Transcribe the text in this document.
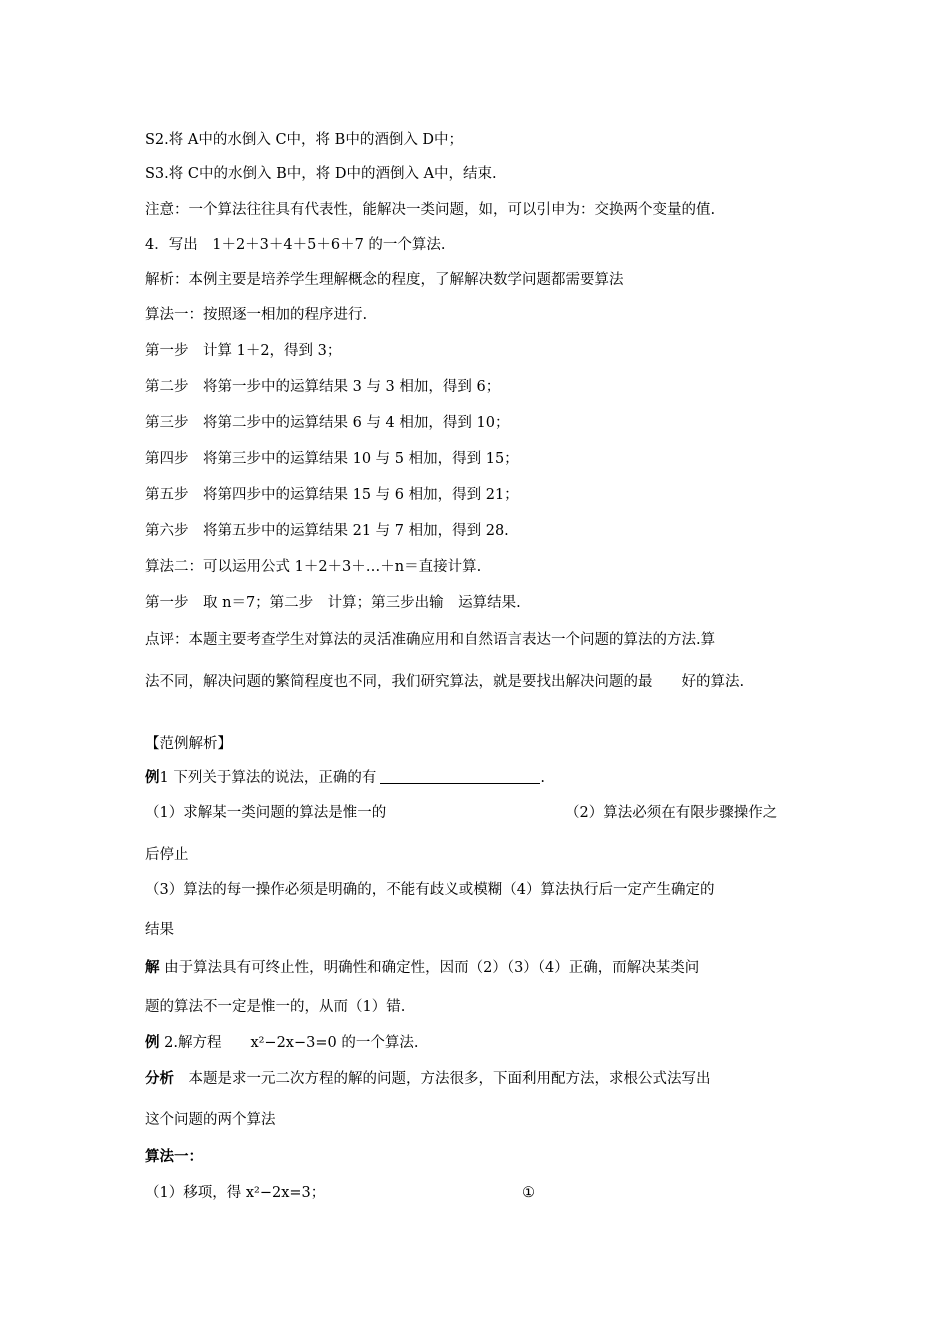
S2.将 A中的水倒入 C中，将 B中的酒倒入 D中；
S3.将 C中的水倒入 B中，将 D中的酒倒入 A中，结束.
注意：一个算法往往具有代表性，能解决一类问题，如，可以引申为：交换两个变量的值.
4．写出　1＋2＋3＋4＋5＋6＋7 的一个算法.
解析：本例主要是培养学生理解概念的程度，了解解决数学问题都需要算法
算法一：按照逐一相加的程序进行.
第一步　计算 1＋2，得到 3；
第二步　将第一步中的运算结果 3 与 3 相加，得到 6；
第三步　将第二步中的运算结果 6 与 4 相加，得到 10；
第四步　将第三步中的运算结果 10 与 5 相加，得到 15；
第五步　将第四步中的运算结果 15 与 6 相加，得到 21；
第六步　将第五步中的运算结果 21 与 7 相加，得到 28.
算法二：可以运用公式 1＋2＋3＋…＋n＝直接计算.
第一步　取 n＝7；第二步　计算；第三步出输　运算结果.
点评：本题主要考查学生对算法的灵活准确应用和自然语言表达一个问题的算法的方法.算
法不同，解决问题的繁简程度也不同，我们研究算法，就是要找出解决问题的最　　好的算法.
【范例解析】
例1 下列关于算法的说法，正确的有	.
（1）求解某一类问题的算法是惟一的	（2）算法必须在有限步骤操作之
后停止
（3）算法的每一操作必须是明确的，不能有歧义或模糊（4）算法执行后一定产生确定的
结果
解 由于算法具有可终止性，明确性和确定性，因而（2）（3）（4）正确，而解决某类问
题的算法不一定是惟一的，从而（1）错.
例 2.解方程　　x²−2x−3=0 的一个算法.
分析　本题是求一元二次方程的解的问题，方法很多，下面利用配方法，求根公式法写出
这个问题的两个算法
算法一：
（1）移项，得 x²−2x=3；	①
